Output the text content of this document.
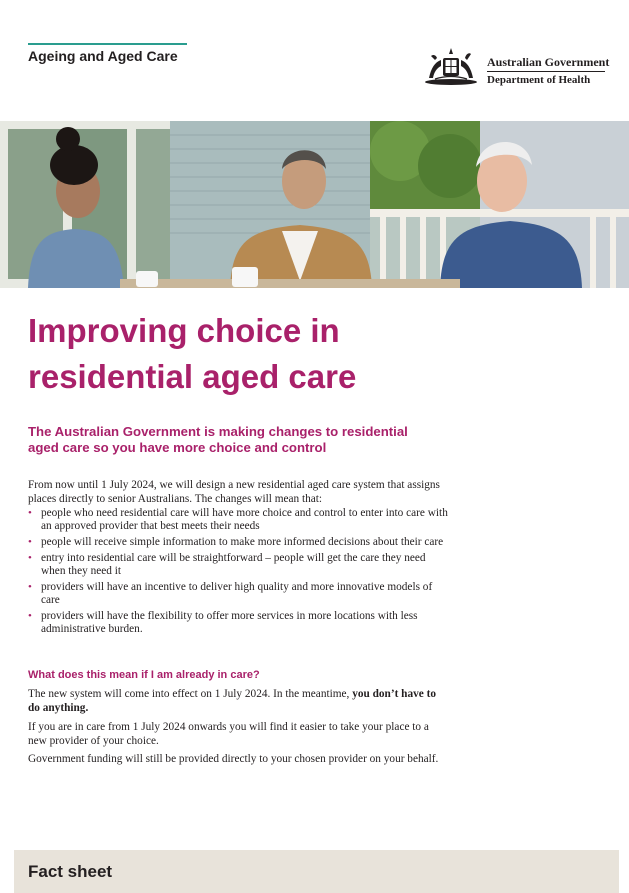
Ageing and Aged Care	Australian Government
Department of Health
Improving choice in residential aged care
The Australian Government is making changes to residential aged care so you have more choice and control

From now until 1 July 2024, we will design a new residential aged care system that assigns places directly to senior Australians. The changes will mean that:

• people who need residential care will have more choice and control to enter into care with an approved provider that best meets their needs
• people will receive simple information to make more informed decisions about their care
• entry into residential care will be straightforward – people will get the care they need when they need it
• providers will have an incentive to deliver high quality and more innovative models of care
• providers will have the flexibility to offer more services in more locations with less administrative burden.
What does this mean if I am already in care?

The new system will come into effect on 1 July 2024. In the meantime, you don’t have to do anything.

If you are in care from 1 July 2024 onwards you will find it easier to take your place to a new provider of your choice.

Government funding will still be provided directly to your chosen provider on your behalf.

Fact sheet
